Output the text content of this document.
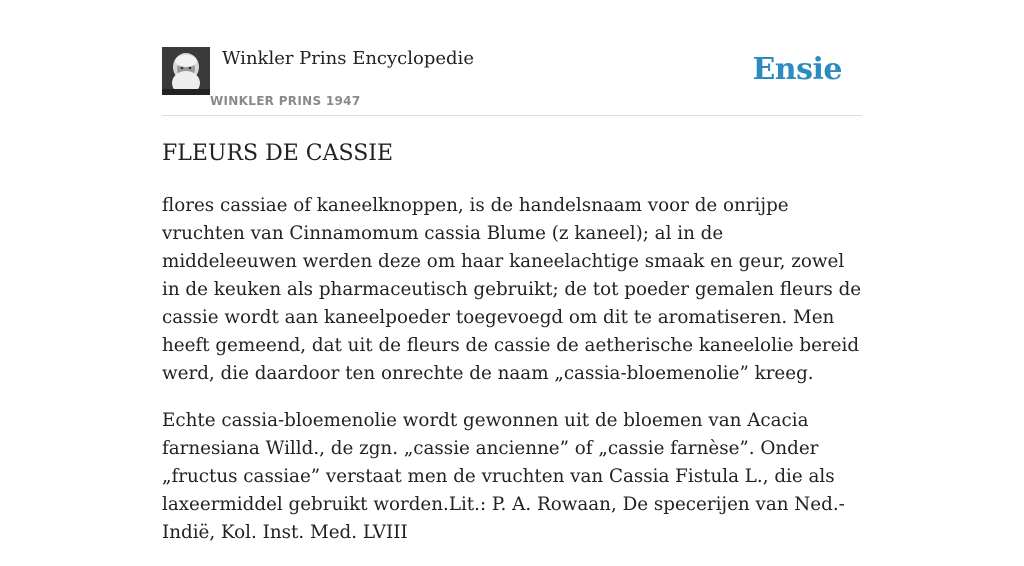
Winkler Prins Encyclopedie
WINKLER PRINS 1947
Ensie
FLEURS DE CASSIE

flores cassiae of kaneelknoppen, is de handelsnaam voor de onrijpe vruchten van Cinnamomum cassia Blume (z kaneel); al in de middeleeuwen werden deze om haar kaneelachtige smaak en geur, zowel in de keuken als pharmaceutisch gebruikt; de tot poeder gemalen fleurs de cassie wordt aan kaneelpoeder toegevoegd om dit te aromatiseren. Men heeft gemeend, dat uit de fleurs de cassie de aetherische kaneelolie bereid werd, die daardoor ten onrechte de naam „cassia-bloemenolie” kreeg.

Echte cassia-bloemenolie wordt gewonnen uit de bloemen van Acacia farnesiana Willd., de zgn. „cassie ancienne” of „cassie farnèse”. Onder „fructus cassiae” verstaat men de vruchten van Cassia Fistula L., die als laxeermiddel gebruikt worden.Lit.: P. A. Rowaan, De specerijen van Ned.-Indië, Kol. Inst. Med. LVIII
